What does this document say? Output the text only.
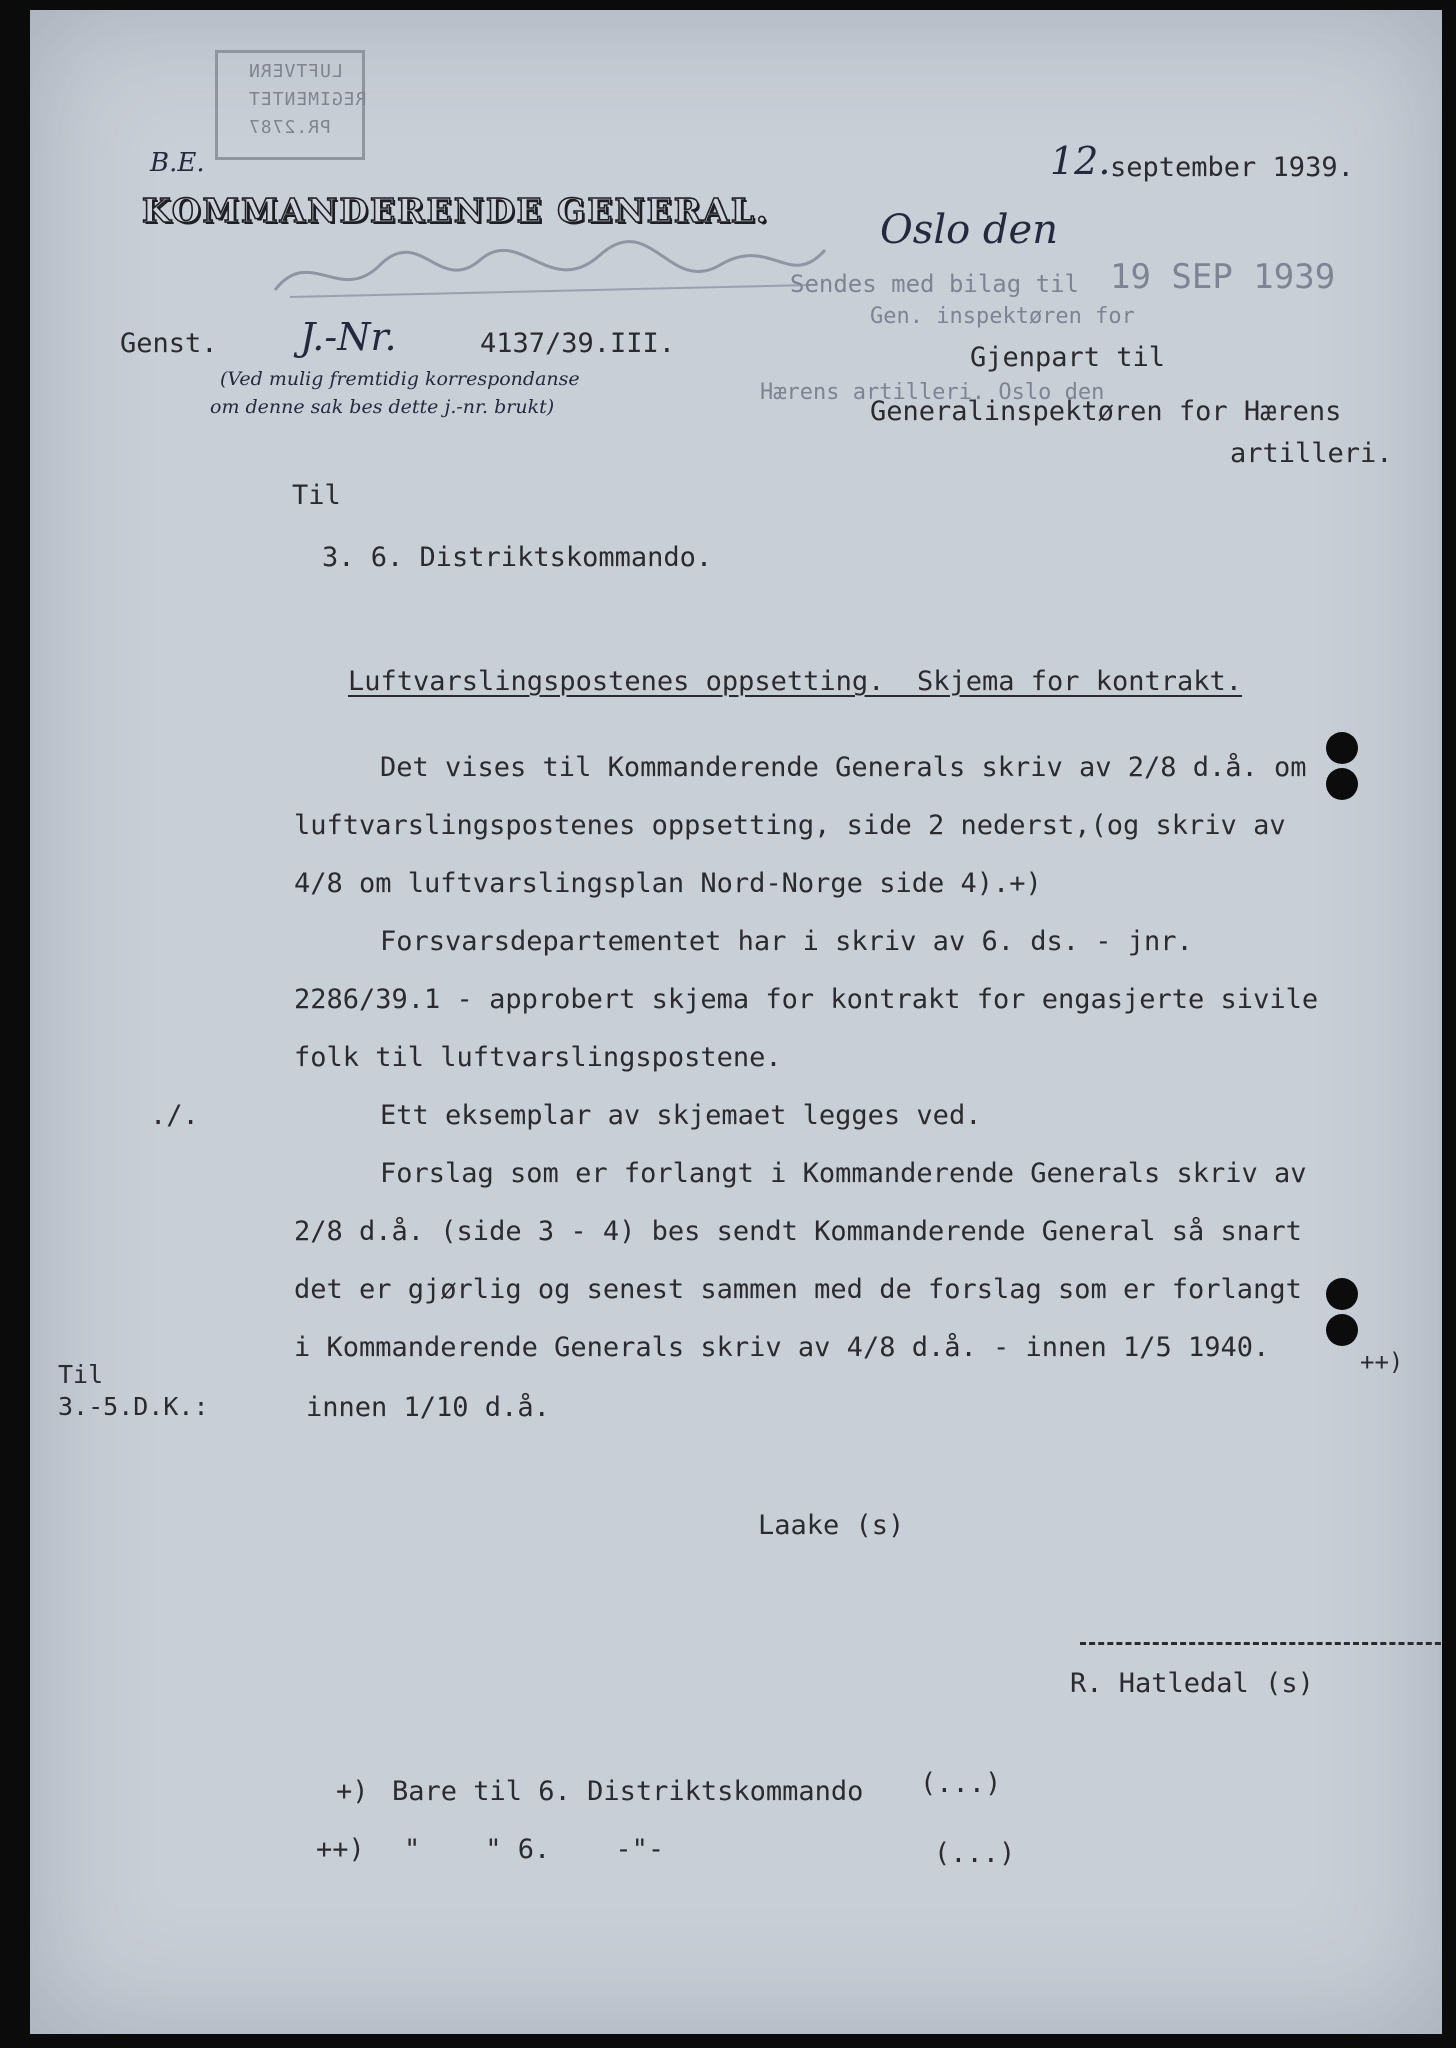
LUFTVERN
REGIMENTET
PR.2787
B.E.
KOMMANDERENDE GENERAL.
12. september 1939.
Oslo den
Sendes med bilag til 19 SEP 1939
Gen. inspektøren for
Hærens artilleri. Oslo den
Genst. J.-Nr.	4137/39.III.
(Ved mulig fremtidig korrespondanse
om denne sak bes dette j.-nr. brukt)
Gjenpart til
Generalinspektøren for Hærens
artilleri.
Til
3. 6. Distriktskommando.
Luftvarslingspostenes oppsetting.  Skjema for kontrakt.
Det vises til Kommanderende Generals skriv av 2/8 d.å. om
luftvarslingspostenes oppsetting, side 2 nederst,(og skriv av
4/8 om luftvarslingsplan Nord-Norge side 4).+)
Forsvarsdepartementet har i skriv av 6. ds. - jnr.
2286/39.1 - approbert skjema for kontrakt for engasjerte sivile
folk til luftvarslingspostene.
./.	Ett eksemplar av skjemaet legges ved.
Forslag som er forlangt i Kommanderende Generals skriv av
2/8 d.å. (side 3 - 4) bes sendt Kommanderende General så snart
det er gjørlig og senest sammen med de forslag som er forlangt
i Kommanderende Generals skriv av 4/8 d.å. - innen 1/5 1940.	++)
Til
3.-5.D.K.:	innen 1/10 d.å.
Laake (s)
R. Hatledal (s)
+) Bare til 6. Distriktskommando (...)
++) "    " 6.    -"-	(...)
